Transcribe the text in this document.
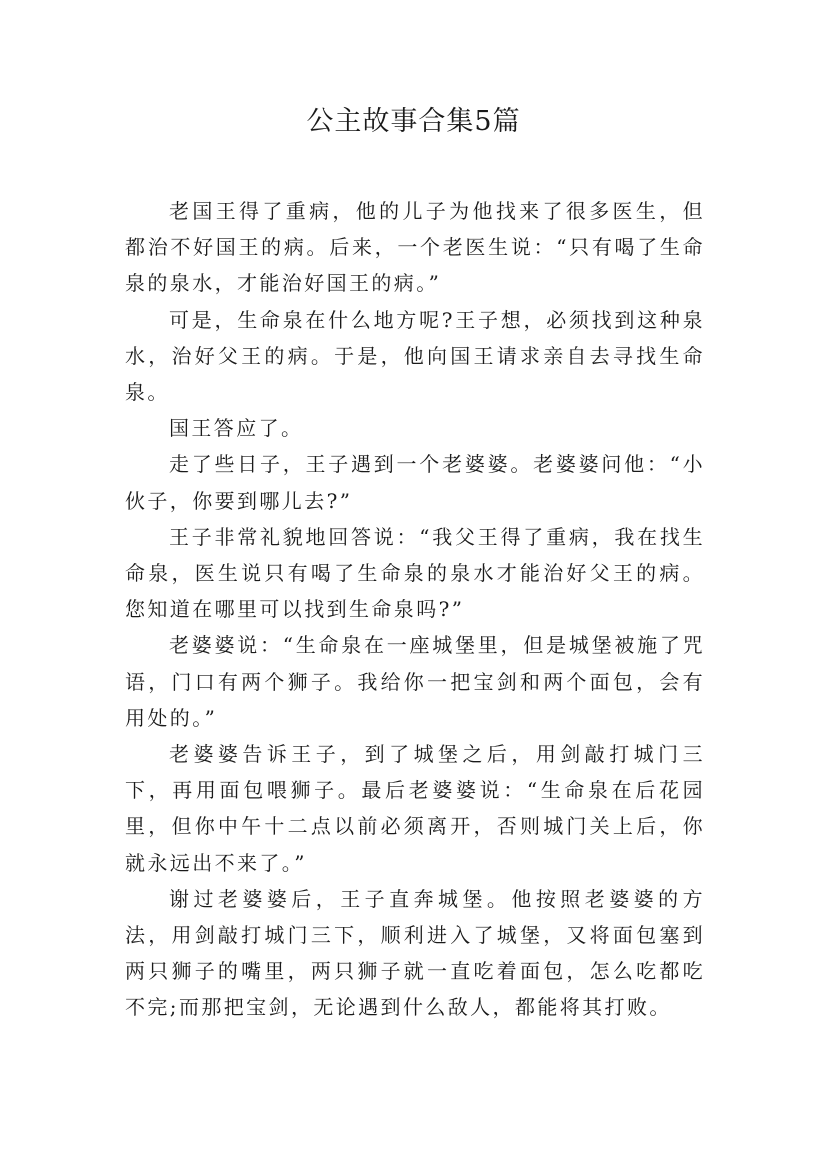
公主故事合集5篇

老国王得了重病，他的儿子为他找来了很多医生，但都治不好国王的病。后来，一个老医生说：“只有喝了生命泉的泉水，才能治好国王的病。”

可是，生命泉在什么地方呢?王子想，必须找到这种泉水，治好父王的病。于是，他向国王请求亲自去寻找生命泉。

国王答应了。

走了些日子，王子遇到一个老婆婆。老婆婆问他：“小伙子，你要到哪儿去?”

王子非常礼貌地回答说：“我父王得了重病，我在找生命泉，医生说只有喝了生命泉的泉水才能治好父王的病。您知道在哪里可以找到生命泉吗?”

老婆婆说：“生命泉在一座城堡里，但是城堡被施了咒语，门口有两个狮子。我给你一把宝剑和两个面包，会有用处的。”

老婆婆告诉王子，到了城堡之后，用剑敲打城门三下，再用面包喂狮子。最后老婆婆说：“生命泉在后花园里，但你中午十二点以前必须离开，否则城门关上后，你就永远出不来了。”

谢过老婆婆后，王子直奔城堡。他按照老婆婆的方法，用剑敲打城门三下，顺利进入了城堡，又将面包塞到两只狮子的嘴里，两只狮子就一直吃着面包，怎么吃都吃不完;而那把宝剑，无论遇到什么敌人，都能将其打败。
